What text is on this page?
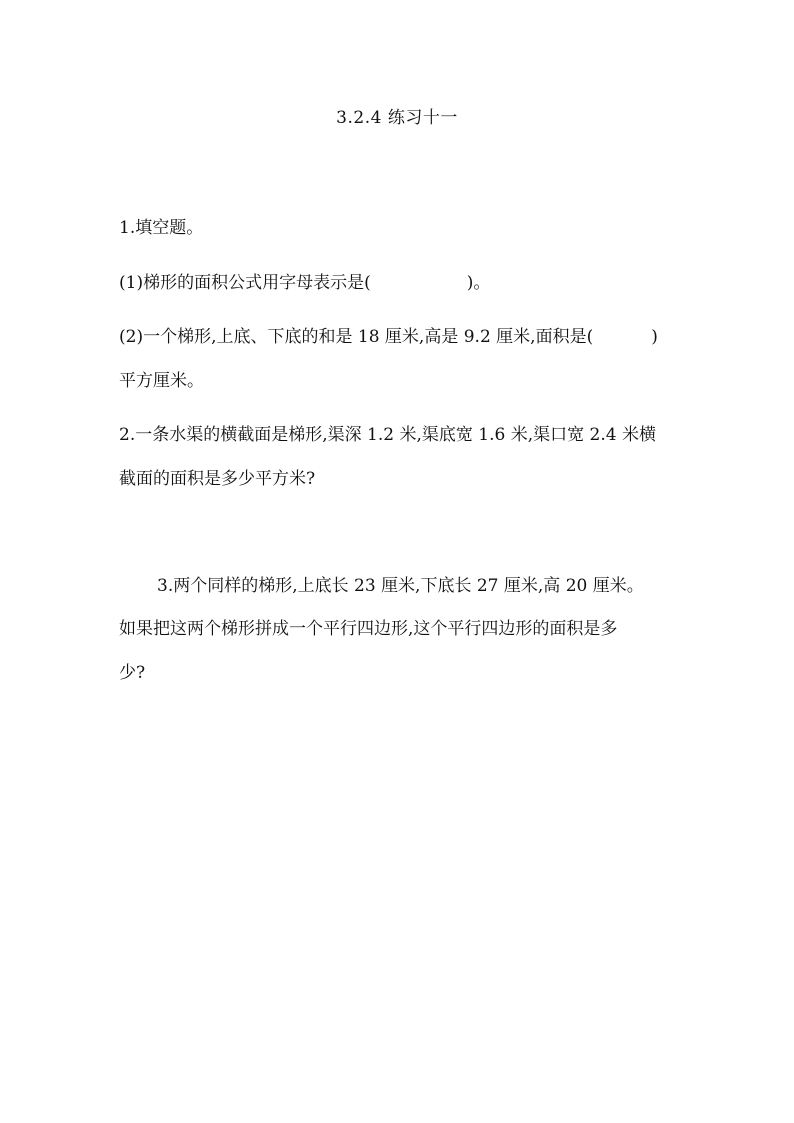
3.2.4 练习十一
1.填空题。
(1)梯形的面积公式用字母表示是(	)。
(2)一个梯形,上底、下底的和是 18 厘米,高是 9.2 厘米,面积是(	)
平方厘米。
2.一条水渠的横截面是梯形,渠深 1.2 米,渠底宽 1.6 米,渠口宽 2.4 米横
截面的面积是多少平方米?
3.两个同样的梯形,上底长 23 厘米,下底长 27 厘米,高 20 厘米。
如果把这两个梯形拼成一个平行四边形,这个平行四边形的面积是多
少?
